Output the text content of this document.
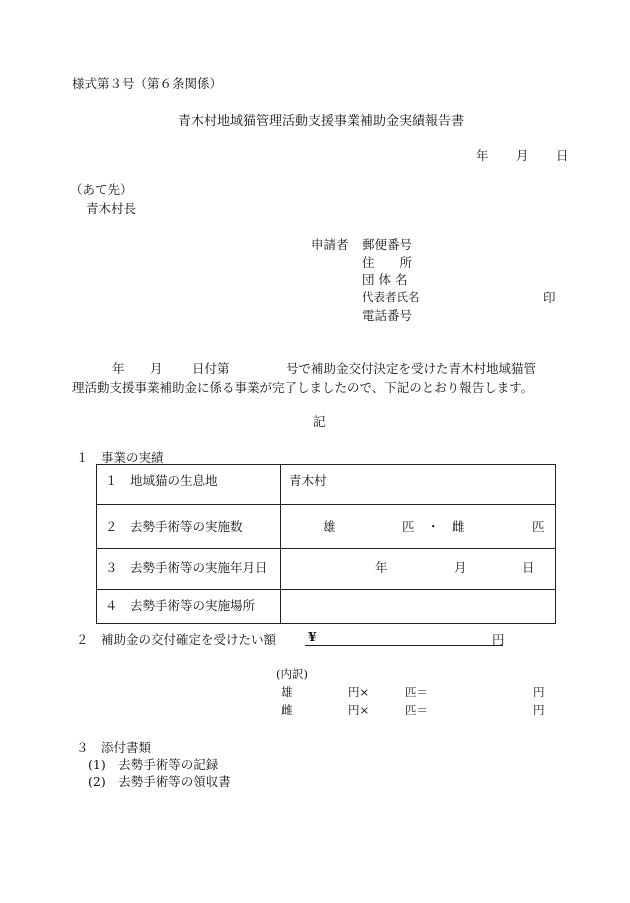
様式第３号（第６条関係）
青木村地域猫管理活動支援事業補助金実績報告書
年 月 日
（あて先）
青木村長
申請者 郵便番号
住　　所
団 体 名
代表者氏名	印
電話番号
年 月 日付第	号で補助金交付決定を受けた青木村地域猫管
理活動支援事業補助金に係る事業が完了しましたので、下記のとおり報告します。
記
１　事業の実績
１　地域猫の生息地	青木村
２　去勢手術等の実施数	雄 匹 ・ 雌 匹

３　去勢手術等の実施年月日	年 月 日

４　去勢手術等の実施場所	
２　補助金の交付確定を受けたい額	¥	円
(内訳)
雄	円×	匹＝	円
雌	円×	匹＝	円
３　添付書類
(1)　去勢手術等の記録
(2)　去勢手術等の領収書
